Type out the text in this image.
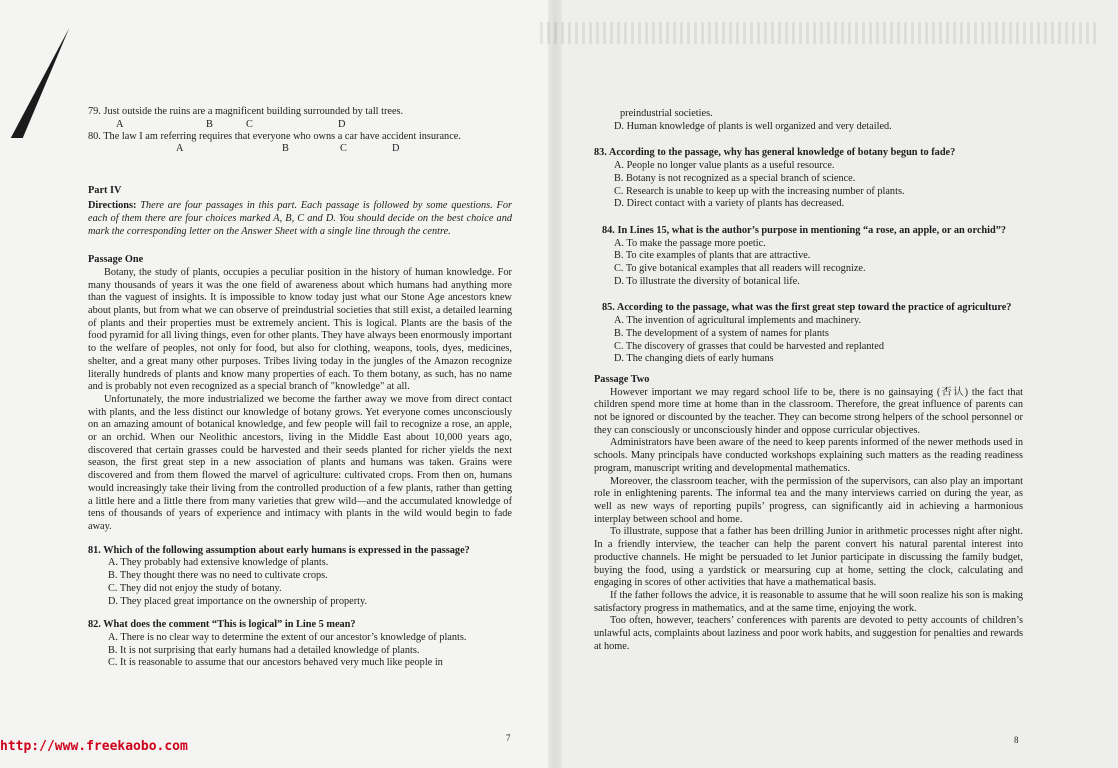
79. Just outside the ruins are a magnificent building surrounded by tall trees.
A	B	C	D
80. The law I am referring requires that everyone who owns a car have accident insurance.
A	B	C	D
Part IV

Directions: There are four passages in this part. Each passage is followed by some questions. For each of them there are four choices marked A, B, C and D. You should decide on the best choice and mark the corresponding letter on the Answer Sheet with a single line through the centre.

Passage One

Botany, the study of plants, occupies a peculiar position in the history of human knowledge. For many thousands of years it was the one field of awareness about which humans had anything more than the vaguest of insights. It is impossible to know today just what our Stone Age ancestors knew about plants, but from what we can observe of preindustrial societies that still exist, a detailed learning of plants and their properties must be extremely ancient. This is logical. Plants are the basis of the food pyramid for all living things, even for other plants. They have always been enormously important to the welfare of peoples, not only for food, but also for clothing, weapons, tools, dyes, medicines, shelter, and a great many other purposes. Tribes living today in the jungles of the Amazon recognize literally hundreds of plants and know many properties of each. To them botany, as such, has no name and is probably not even recognized as a special branch of "knowledge" at all.

Unfortunately, the more industrialized we become the farther away we move from direct contact with plants, and the less distinct our knowledge of botany grows. Yet everyone comes unconsciously on an amazing amount of botanical knowledge, and few people will fail to recognize a rose, an apple, or an orchid. When our Neolithic ancestors, living in the Middle East about 10,000 years ago, discovered that certain grasses could be harvested and their seeds planted for richer yields the next season, the first great step in a new association of plants and humans was taken. Grains were discovered and from them flowed the marvel of agriculture: cultivated crops. From then on, humans would increasingly take their living from the controlled production of a few plants, rather than getting a little here and a little there from many varieties that grew wild—and the accumulated knowledge of tens of thousands of years of experience and intimacy with plants in the wild would begin to fade away.

81. Which of the following assumption about early humans is expressed in the passage?
A. They probably had extensive knowledge of plants.
B. They thought there was no need to cultivate crops.
C. They did not enjoy the study of botany.
D. They placed great importance on the ownership of property.
82. What does the comment “This is logical” in Line 5 mean?
A. There is no clear way to determine the extent of our ancestor’s knowledge of plants.
B. It is not surprising that early humans had a detailed knowledge of plants.
C. It is reasonable to assume that our ancestors behaved very much like people in
7
preindustrial societies.
D. Human knowledge of plants is well organized and very detailed.
83. According to the passage, why has general knowledge of botany begun to fade?
A. People no longer value plants as a useful resource.
B. Botany is not recognized as a special branch of science.
C. Research is unable to keep up with the increasing number of plants.
D. Direct contact with a variety of plants has decreased.
84. In Lines 15, what is the author’s purpose in mentioning “a rose, an apple, or an orchid”?
A. To make the passage more poetic.
B. To cite examples of plants that are attractive.
C. To give botanical examples that all readers will recognize.
D. To illustrate the diversity of botanical life.
85. According to the passage, what was the first great step toward the practice of agriculture?
A. The invention of agricultural implements and machinery.
B. The development of a system of names for plants
C. The discovery of grasses that could be harvested and replanted
D. The changing diets of early humans
Passage Two

However important we may regard school life to be, there is no gainsaying (否认) the fact that children spend more time at home than in the classroom. Therefore, the great influence of parents can not be ignored or discounted by the teacher. They can become strong helpers of the school personnel or they can consciously or unconsciously hinder and oppose curricular objectives.

Administrators have been aware of the need to keep parents informed of the newer methods used in schools. Many principals have conducted workshops explaining such matters as the reading readiness program, manuscript writing and developmental mathematics.

Moreover, the classroom teacher, with the permission of the supervisors, can also play an important role in enlightening parents. The informal tea and the many interviews carried on during the year, as well as new ways of reporting pupils’ progress, can significantly aid in achieving a harmonious interplay between school and home.

To illustrate, suppose that a father has been drilling Junior in arithmetic processes night after night. In a friendly interview, the teacher can help the parent convert his natural parental interest into productive channels. He might be persuaded to let Junior participate in discussing the family budget, buying the food, using a yardstick or mearsuring cup at home, setting the clock, calculating and engaging in scores of other activities that have a mathematical basis.

If the father follows the advice, it is reasonable to assume that he will soon realize his son is making satisfactory progress in mathematics, and at the same time, enjoying the work.

Too often, however, teachers’ conferences with parents are devoted to petty accounts of children’s unlawful acts, complaints about laziness and poor work habits, and suggestion for penalties and rewards at home.

8
http://www.freekaobo.com
